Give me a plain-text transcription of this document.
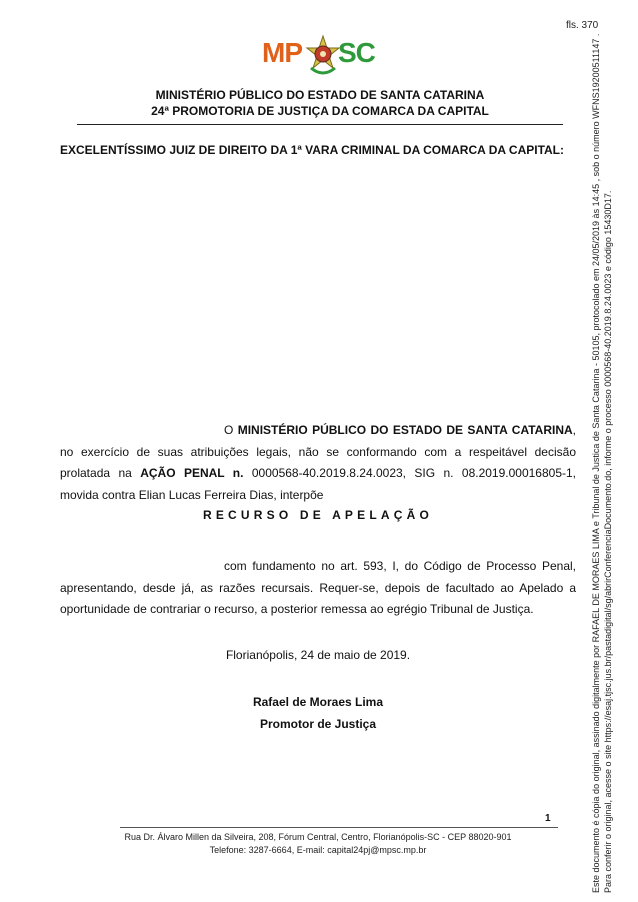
fls. 370
MP SC
MINISTÉRIO PÚBLICO DO ESTADO DE SANTA CATARINA
24ª PROMOTORIA DE JUSTIÇA DA COMARCA DA CAPITAL
EXCELENTÍSSIMO JUIZ DE DIREITO DA 1ª VARA CRIMINAL DA COMARCA DA CAPITAL:
O MINISTÉRIO PÚBLICO DO ESTADO DE SANTA CATARINA, no exercício de suas atribuições legais, não se conformando com a respeitável decisão prolatada na AÇÃO PENAL n. 0000568-40.2019.8.24.0023, SIG n. 08.2019.00016805-1, movida contra Elian Lucas Ferreira Dias, interpõe
RECURSO DE APELAÇÃO
com fundamento no art. 593, I, do Código de Processo Penal, apresentando, desde já, as razões recursais. Requer-se, depois de facultado ao Apelado a oportunidade de contrariar o recurso, a posterior remessa ao egrégio Tribunal de Justiça.
Florianópolis, 24 de maio de 2019.
Rafael de Moraes Lima
Promotor de Justiça
1
Rua Dr. Álvaro Millen da Silveira, 208, Fórum Central, Centro, Florianópolis-SC - CEP 88020-901
Telefone: 3287-6664, E-mail: capital24pj@mpsc.mp.br	Este documento é cópia do original, assinado digitalmente por RAFAEL DE MORAES LIMA e Tribunal de Justica de Santa Catarina - 50105, protocolado em 24/05/2019 às 14:45 , sob o número WFNS19200511147 . Para conferir o original, acesse o site https://esaj.tjsc.jus.br/pastadigital/sg/abrirConferenciaDocumento.do, informe o processo 0000568-40.2019.8.24.0023 e código 15430D17.
